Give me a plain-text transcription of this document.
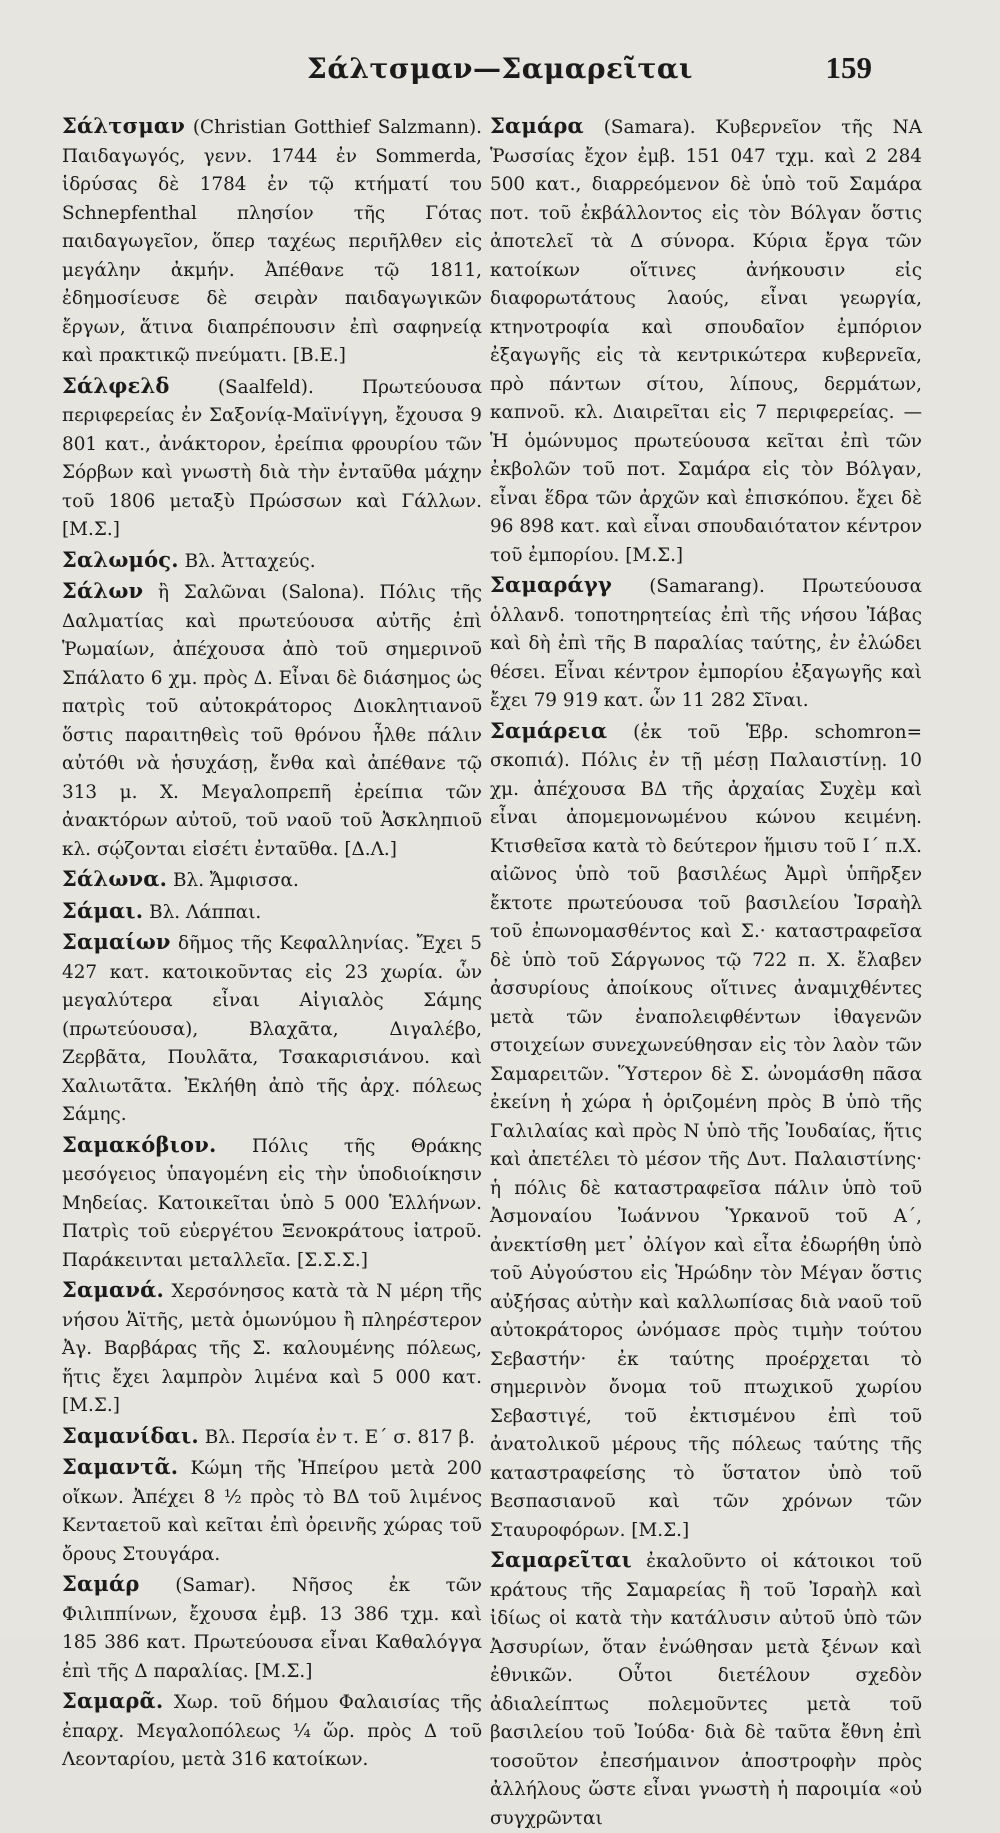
Σάλτσμαν—Σαμαρεῖται	159

Σάλτσμαν (Christian Gotthief Salzmann). Παιδαγωγός, γενν. 1744 ἐν Sommerda, ἱδρύσας δὲ 1784 ἐν τῷ κτήματί του Schnepfenthal πλησίον τῆς Γότας παιδαγωγεῖον, ὅπερ ταχέως περιῆλθεν εἰς μεγάλην ἀκμήν. Ἀπέθανε τῷ 1811, ἐδημοσίευσε δὲ σειρὰν παιδαγωγικῶν ἔργων, ἅτινα διαπρέπουσιν ἐπὶ σαφηνείᾳ καὶ πρακτικῷ πνεύματι. [Β.Ε.]

Σάλφελδ (Saalfeld). Πρωτεύουσα περιφερείας ἐν Σαξονίᾳ-Μαϊνίγγη, ἔχουσα 9 801 κατ., ἀνάκτορον, ἐρείπια φρουρίου τῶν Σόρβων καὶ γνωστὴ διὰ τὴν ἐνταῦθα μάχην τοῦ 1806 μεταξὺ Πρώσσων καὶ Γάλλων. [Μ.Σ.]

Σαλωμός. Βλ. Ἀτταχεύς.

Σάλων ἢ Σαλῶναι (Salona). Πόλις τῆς Δαλματίας καὶ πρωτεύουσα αὐτῆς ἐπὶ Ῥωμαίων, ἀπέχουσα ἀπὸ τοῦ σημερινοῦ Σπάλατο 6 χμ. πρὸς Δ. Εἶναι δὲ διάσημος ὡς πατρὶς τοῦ αὐτοκράτορος Διοκλητιανοῦ ὅστις παραιτηθεὶς τοῦ θρόνου ἦλθε πάλιν αὐτόθι νὰ ἡσυχάσῃ, ἔνθα καὶ ἀπέθανε τῷ 313 μ. Χ. Μεγαλοπρεπῆ ἐρείπια τῶν ἀνακτόρων αὐτοῦ, τοῦ ναοῦ τοῦ Ἀσκληπιοῦ κλ. σῴζονται εἰσέτι ἐνταῦθα. [Δ.Λ.]

Σάλωνα. Βλ. Ἄμφισσα.

Σάμαι. Βλ. Λάππαι.

Σαμαίων δῆμος τῆς Κεφαλληνίας. Ἔχει 5 427 κατ. κατοικοῦντας εἰς 23 χωρία. ὧν μεγαλύτερα εἶναι Αἰγιαλὸς Σάμης (πρωτεύουσα), Βλαχᾶτα, Διγαλέβο, Ζερβᾶτα, Πουλᾶτα, Τσακαρισιάνου. καὶ Χαλιωτᾶτα. Ἐκλήθη ἀπὸ τῆς ἀρχ. πόλεως Σάμης.

Σαμακόβιον. Πόλις τῆς Θράκης μεσόγειος ὑπαγομένη εἰς τὴν ὑποδιοίκησιν Μηδείας. Κατοικεῖται ὑπὸ 5 000 Ἑλλήνων. Πατρὶς τοῦ εὐεργέτου Ξενοκράτους ἰατροῦ. Παράκεινται μεταλλεῖα. [Σ.Σ.Σ.]

Σαμανά. Χερσόνησος κατὰ τὰ Ν μέρη τῆς νήσου Ἁϊτῆς, μετὰ ὁμωνύμου ἢ πληρέστερον Ἀγ. Βαρβάρας τῆς Σ. καλουμένης πόλεως, ἥτις ἔχει λαμπρὸν λιμένα καὶ 5 000 κατ. [Μ.Σ.]

Σαμανίδαι. Βλ. Περσία ἐν τ. Ε΄ σ. 817 β.

Σαμαντᾶ. Κώμη τῆς Ἠπείρου μετὰ 200 οἴκων. Ἀπέχει 8 ½ πρὸς τὸ ΒΔ τοῦ λιμένος Κενταετοῦ καὶ κεῖται ἐπὶ ὀρεινῆς χώρας τοῦ ὄρους Στουγάρα.

Σαμάρ (Samar). Νῆσος ἐκ τῶν Φιλιππίνων, ἔχουσα ἐμβ. 13 386 τχμ. καὶ 185 386 κατ. Πρωτεύουσα εἶναι Καθαλόγγα ἐπὶ τῆς Δ παραλίας. [Μ.Σ.]

Σαμαρᾶ. Χωρ. τοῦ δήμου Φαλαισίας τῆς ἐπαρχ. Μεγαλοπόλεως ¼ ὥρ. πρὸς Δ τοῦ Λεονταρίου, μετὰ 316 κατοίκων.

Σαμάρα (Samara). Κυβερνεῖον τῆς ΝΑ Ῥωσσίας ἔχον ἐμβ. 151 047 τχμ. καὶ 2 284 500 κατ., διαρρεόμενον δὲ ὑπὸ τοῦ Σαμάρα ποτ. τοῦ ἐκβάλλοντος εἰς τὸν Βόλγαν ὅστις ἀποτελεῖ τὰ Δ σύνορα. Κύρια ἔργα τῶν κατοίκων οἵτινες ἀνήκουσιν εἰς διαφορωτάτους λαούς, εἶναι γεωργία, κτηνοτροφία καὶ σπουδαῖον ἐμπόριον ἐξαγωγῆς εἰς τὰ κεντρικώτερα κυβερνεῖα, πρὸ πάντων σίτου, λίπους, δερμάτων, καπνοῦ. κλ. Διαιρεῖται εἰς 7 περιφερείας. — Ἡ ὁμώνυμος πρωτεύουσα κεῖται ἐπὶ τῶν ἐκβολῶν τοῦ ποτ. Σαμάρα εἰς τὸν Βόλγαν, εἶναι ἕδρα τῶν ἀρχῶν καὶ ἐπισκόπου. ἔχει δὲ 96 898 κατ. καὶ εἶναι σπουδαιότατον κέντρον τοῦ ἐμπορίου. [Μ.Σ.]

Σαμαράγγ (Samarang). Πρωτεύουσα ὁλλανδ. τοποτηρητείας ἐπὶ τῆς νήσου Ἰάβας καὶ δὴ ἐπὶ τῆς Β παραλίας ταύτης, ἐν ἐλώδει θέσει. Εἶναι κέντρον ἐμπορίου ἐξαγωγῆς καὶ ἔχει 79 919 κατ. ὧν 11 282 Σῖναι.

Σαμάρεια (ἐκ τοῦ Ἑβρ. schomron= σκοπιά). Πόλις ἐν τῇ μέσῃ Παλαιστίνῃ. 10 χμ. ἀπέχουσα ΒΔ τῆς ἀρχαίας Συχὲμ καὶ εἶναι ἀπομεμονωμένου κώνου κειμένη. Κτισθεῖσα κατὰ τὸ δεύτερον ἥμισυ τοῦ Ι΄ π.Χ. αἰῶνος ὑπὸ τοῦ βασιλέως Ἀμρὶ ὑπῆρξεν ἔκτοτε πρωτεύουσα τοῦ βασιλείου Ἰσραὴλ τοῦ ἐπωνομασθέντος καὶ Σ.· καταστραφεῖσα δὲ ὑπὸ τοῦ Σάργωνος τῷ 722 π. Χ. ἔλαβεν ἀσσυρίους ἀποίκους οἵτινες ἀναμιχθέντες μετὰ τῶν ἐναπολειφθέντων ἰθαγενῶν στοιχείων συνεχωνεύθησαν εἰς τὸν λαὸν τῶν Σαμαρειτῶν. Ὕστερον δὲ Σ. ὠνομάσθη πᾶσα ἐκείνη ἡ χώρα ἡ ὁριζομένη πρὸς Β ὑπὸ τῆς Γαλιλαίας καὶ πρὸς Ν ὑπὸ τῆς Ἰουδαίας, ἥτις καὶ ἀπετέλει τὸ μέσον τῆς Δυτ. Παλαιστίνης· ἡ πόλις δὲ καταστραφεῖσα πάλιν ὑπὸ τοῦ Ἀσμοναίου Ἰωάννου Ὑρκανοῦ τοῦ Α΄, ἀνεκτίσθη μετ᾽ ὀλίγον καὶ εἶτα ἐδωρήθη ὑπὸ τοῦ Αὐγούστου εἰς Ἡρώδην τὸν Μέγαν ὅστις αὐξήσας αὐτὴν καὶ καλλωπίσας διὰ ναοῦ τοῦ αὐτοκράτορος ὠνόμασε πρὸς τιμὴν τούτου Σεβαστήν· ἐκ ταύτης προέρχεται τὸ σημερινὸν ὄνομα τοῦ πτωχικοῦ χωρίου Σεβαστιγέ, τοῦ ἐκτισμένου ἐπὶ τοῦ ἀνατολικοῦ μέρους τῆς πόλεως ταύτης τῆς καταστραφείσης τὸ ὕστατον ὑπὸ τοῦ Βεσπασιανοῦ καὶ τῶν χρόνων τῶν Σταυροφόρων. [Μ.Σ.]

Σαμαρεῖται ἐκαλοῦντο οἱ κάτοικοι τοῦ κράτους τῆς Σαμαρείας ἢ τοῦ Ἰσραὴλ καὶ ἰδίως οἱ κατὰ τὴν κατάλυσιν αὐτοῦ ὑπὸ τῶν Ἀσσυρίων, ὅταν ἐνώθησαν μετὰ ξένων καὶ ἐθνικῶν. Οὗτοι διετέλουν σχεδὸν ἀδιαλείπτως πολεμοῦντες μετὰ τοῦ βασιλείου τοῦ Ἰούδα· διὰ δὲ ταῦτα ἔθνη ἐπὶ τοσοῦτον ἐπεσήμαινον ἀποστροφὴν πρὸς ἀλλήλους ὥστε εἶναι γνωστὴ ἡ παροιμία «οὐ συγχρῶνται
